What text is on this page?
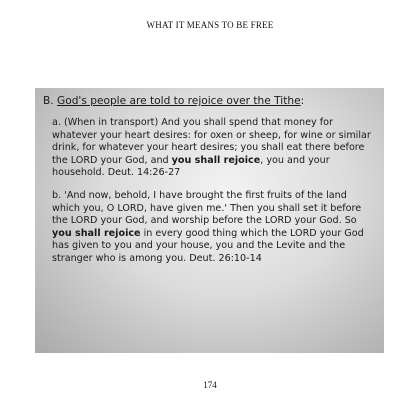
WHAT IT MEANS TO BE FREE

B. God's people are told to rejoice over the Tithe:

a. (When in transport) And you shall spend that money for whatever your heart desires: for oxen or sheep, for wine or similar drink, for whatever your heart desires; you shall eat there before the LORD your God, and you shall rejoice, you and your household. Deut. 14:26-27

b. 'And now, behold, I have brought the first fruits of the land which you, O LORD, have given me.' Then you shall set it before the LORD your God, and worship before the LORD your God. So you shall rejoice in every good thing which the LORD your God has given to you and your house, you and the Levite and the stranger who is among you. Deut. 26:10-14

174
